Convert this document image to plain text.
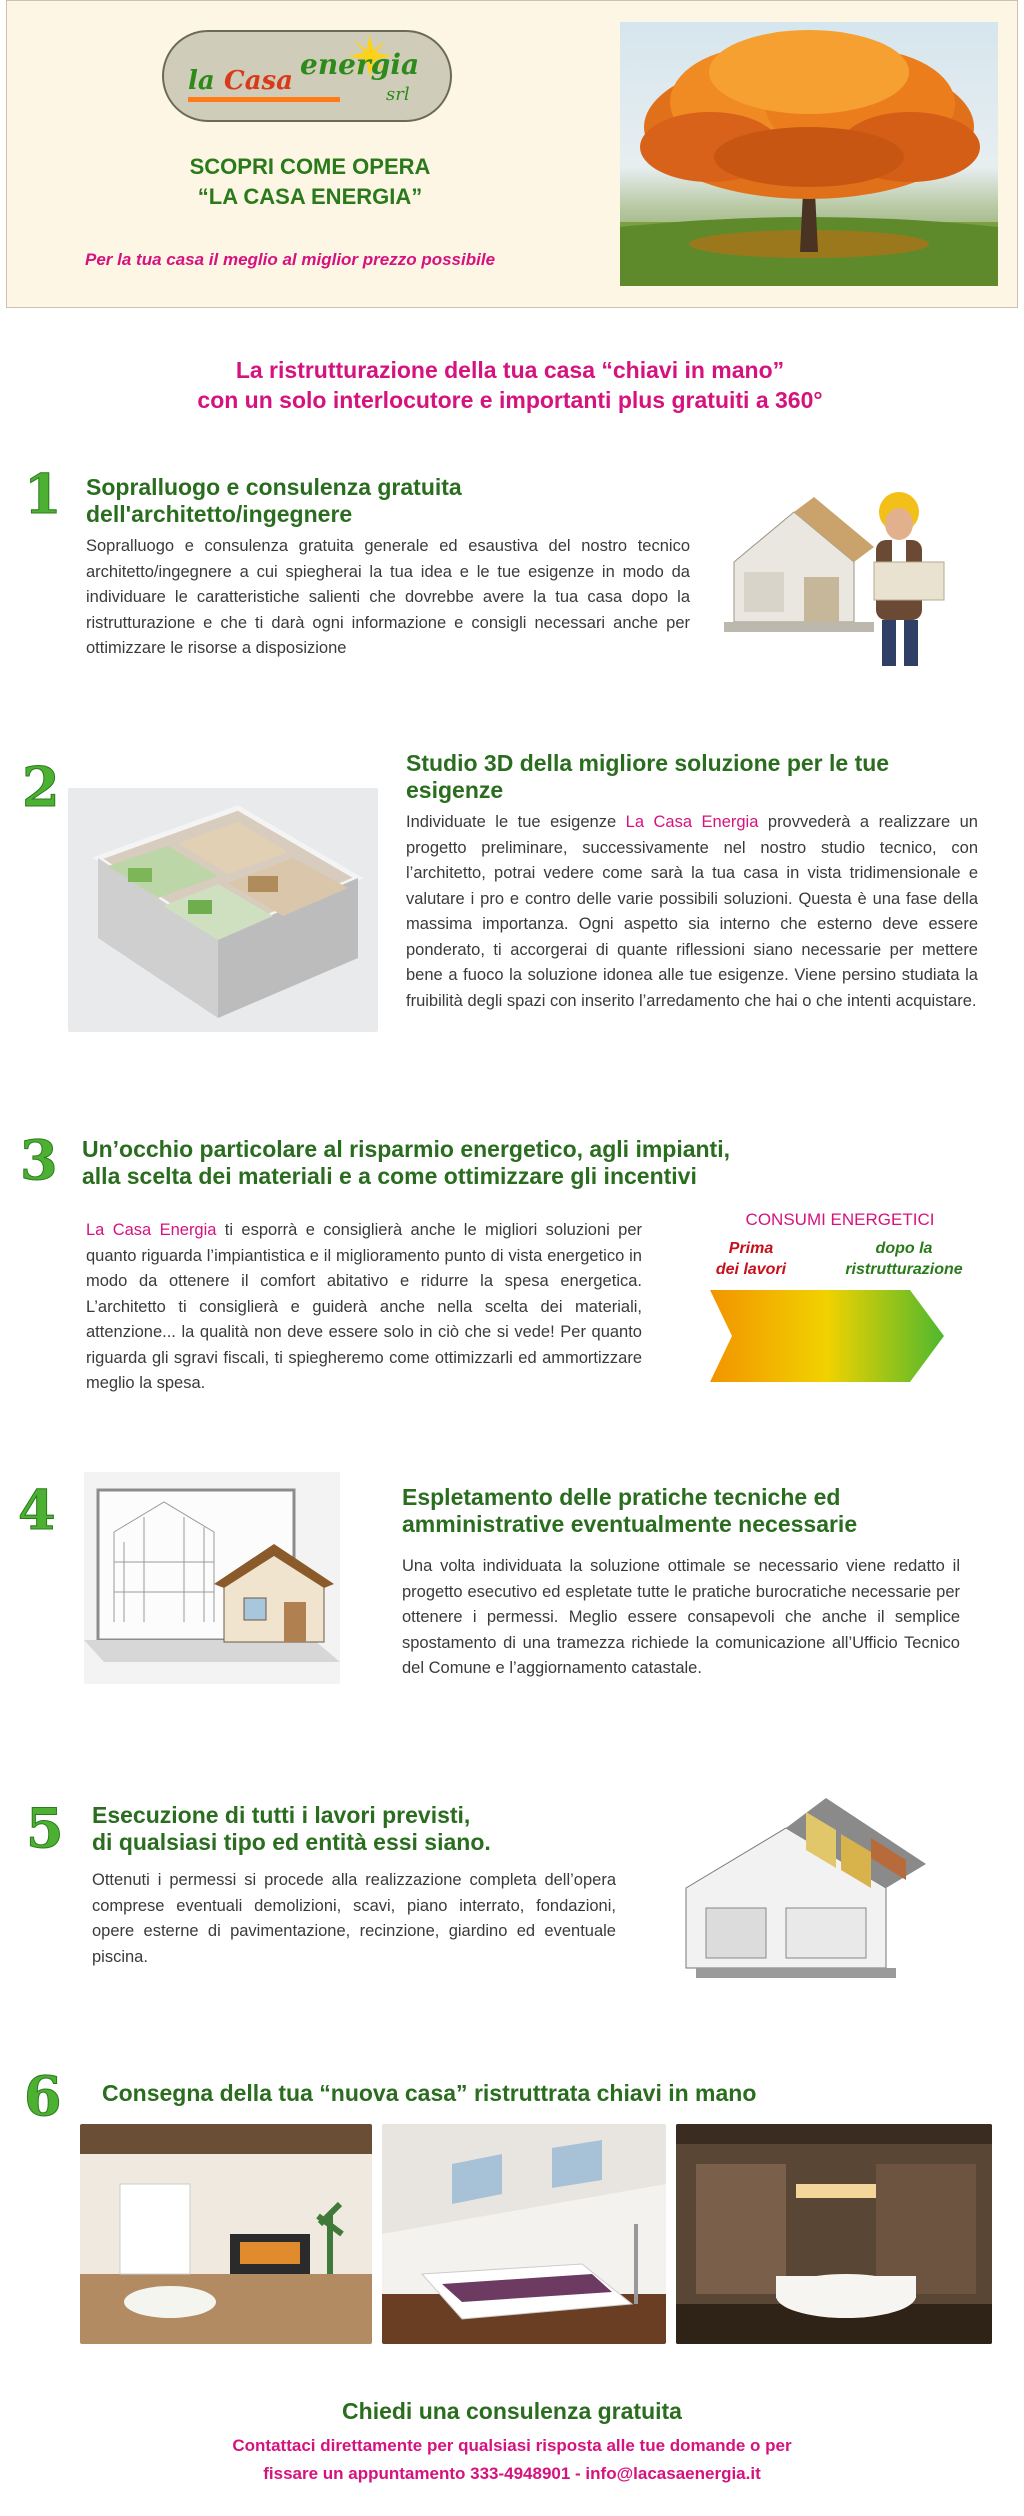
la Casa energia
srl
SCOPRI COME OPERA
“LA CASA ENERGIA”
Per la tua casa il meglio al miglior prezzo possibile
La ristrutturazione della tua casa “chiavi in mano”
con un solo interlocutore e importanti plus gratuiti a 360°
1 Sopralluogo e consulenza gratuita
dell'architetto/ingegnere
Sopralluogo e consulenza gratuita generale ed esaustiva del nostro tecnico architetto/ingegnere a cui spiegherai la tua idea e le tue esigenze in modo da individuare le caratteristiche salienti che dovrebbe avere la tua casa dopo la ristrutturazione e che ti darà ogni informazione e consigli necessari anche per ottimizzare le risorse a disposizione
2	Studio 3D della migliore soluzione per le tue
esigenze
Individuate le tue esigenze La Casa Energia provvederà a realizzare un progetto preliminare, successivamente nel nostro studio tecnico, con l’architetto, potrai vedere come sarà la tua casa in vista tridimensionale e valutare i pro e contro delle varie possibili soluzioni. Questa è una fase della massima importanza. Ogni aspetto sia interno che esterno deve essere ponderato, ti accorgerai di quante riflessioni siano necessarie per mettere bene a fuoco la soluzione idonea alle tue esigenze. Viene persino studiata la fruibilità degli spazi con inserito l’arredamento che hai o che intenti acquistare.
3 Un’occhio particolare al risparmio energetico, agli impianti,
alla scelta dei materiali e a come ottimizzare gli incentivi
La Casa Energia ti esporrà e consiglierà anche le migliori soluzioni per quanto riguarda l’impiantistica e il miglioramento punto di vista energetico in modo da ottenere il comfort abitativo e ridurre la spesa energetica. L’architetto ti consiglierà e guiderà anche nella scelta dei materiali, attenzione... la qualità non deve essere solo in ciò che si vede! Per quanto riguarda gli sgravi fiscali, ti spiegheremo come ottimizzarli ed ammortizzare meglio la spesa.
CONSUMI ENERGETICI
Prima
dei lavori
dopo la
ristrutturazione
4	Espletamento delle pratiche tecniche ed
amministrative eventualmente necessarie
Una volta individuata la soluzione ottimale se necessario viene redatto il progetto esecutivo ed espletate tutte le pratiche burocratiche necessarie per ottenere i permessi. Meglio essere consapevoli che anche il semplice spostamento di una tramezza richiede la comunicazione all’Ufficio Tecnico del Comune e l’aggiornamento catastale.
5 Esecuzione di tutti i lavori previsti,
di qualsiasi tipo ed entità essi siano.
Ottenuti i permessi si procede alla realizzazione completa dell’opera comprese eventuali demolizioni, scavi, piano interrato, fondazioni, opere esterne di pavimentazione, recinzione, giardino ed eventuale piscina.
6 Consegna della tua “nuova casa” ristruttrata chiavi in mano
Chiedi una consulenza gratuita
Contattaci direttamente per qualsiasi risposta alle tue domande o per
fissare un appuntamento 333-4948901 - info@lacasaenergia.it
